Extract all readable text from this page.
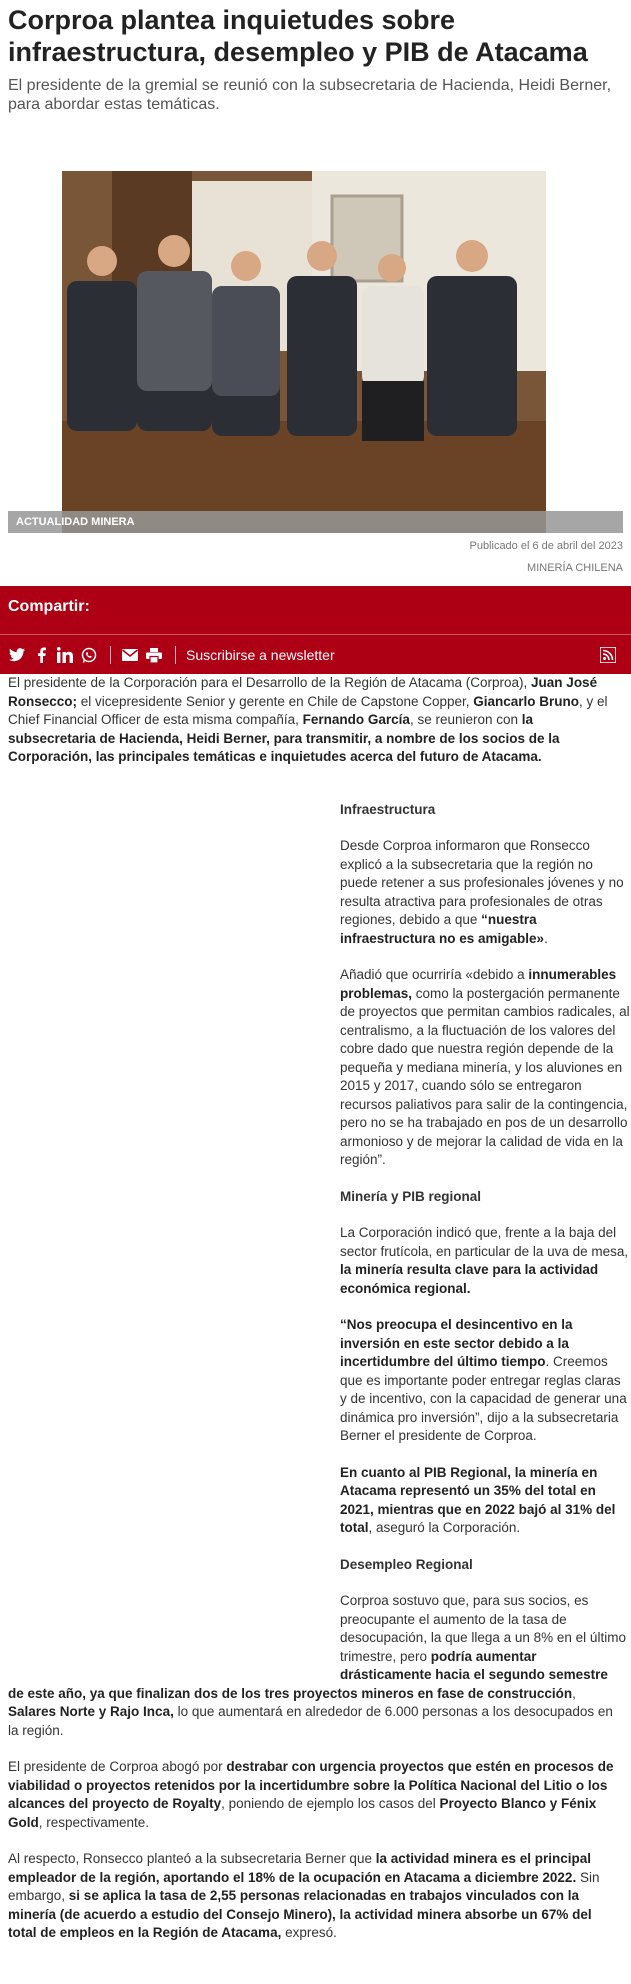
Corproa plantea inquietudes sobre infraestructura, desempleo y PIB de Atacama

El presidente de la gremial se reunió con la subsecretaria de Hacienda, Heidi Berner, para abordar estas temáticas.

ACTUALIDAD MINERA
Publicado el 6 de abril del 2023
MINERÍA CHILENA
Compartir:
Suscribirse a newsletter

El presidente de la Corporación para el Desarrollo de la Región de Atacama (Corproa), Juan José Ronsecco; el vicepresidente Senior y gerente en Chile de Capstone Copper, Giancarlo Bruno, y el Chief Financial Officer de esta misma compañía, Fernando García, se reunieron con la subsecretaria de Hacienda, Heidi Berner, para transmitir, a nombre de los socios de la Corporación, las principales temáticas e inquietudes acerca del futuro de Atacama.

Infraestructura

Desde Corproa informaron que Ronsecco explicó a la subsecretaria que la región no puede retener a sus profesionales jóvenes y no resulta atractiva para profesionales de otras regiones, debido a que “nuestra infraestructura no es amigable».

Añadió que ocurriría «debido a innumerables problemas, como la postergación permanente de proyectos que permitan cambios radicales, al centralismo, a la fluctuación de los valores del cobre dado que nuestra región depende de la pequeña y mediana minería, y los aluviones en 2015 y 2017, cuando sólo se entregaron recursos paliativos para salir de la contingencia, pero no se ha trabajado en pos de un desarrollo armonioso y de mejorar la calidad de vida en la región”.

Minería y PIB regional

La Corporación indicó que, frente a la baja del sector frutícola, en particular de la uva de mesa, la minería resulta clave para la actividad económica regional.

“Nos preocupa el desincentivo en la inversión en este sector debido a la incertidumbre del último tiempo. Creemos que es importante poder entregar reglas claras y de incentivo, con la capacidad de generar una dinámica pro inversión”, dijo a la subsecretaria Berner el presidente de Corproa.

En cuanto al PIB Regional, la minería en Atacama representó un 35% del total en 2021, mientras que en 2022 bajó al 31% del total, aseguró la Corporación.

Desempleo Regional

Corproa sostuvo que, para sus socios, es preocupante el aumento de la tasa de desocupación, la que llega a un 8% en el último trimestre, pero podría aumentar drásticamente hacia el segundo semestre

de este año, ya que finalizan dos de los tres proyectos mineros en fase de construcción, Salares Norte y Rajo Inca, lo que aumentará en alrededor de 6.000 personas a los desocupados en la región.

El presidente de Corproa abogó por destrabar con urgencia proyectos que estén en procesos de viabilidad o proyectos retenidos por la incertidumbre sobre la Política Nacional del Litio o los alcances del proyecto de Royalty, poniendo de ejemplo los casos del Proyecto Blanco y Fénix Gold, respectivamente.

Al respecto, Ronsecco planteó a la subsecretaria Berner que la actividad minera es el principal empleador de la región, aportando el 18% de la ocupación en Atacama a diciembre 2022. Sin embargo, si se aplica la tasa de 2,55 personas relacionadas en trabajos vinculados con la minería (de acuerdo a estudio del Consejo Minero), la actividad minera absorbe un 67% del total de empleos en la Región de Atacama, expresó.
